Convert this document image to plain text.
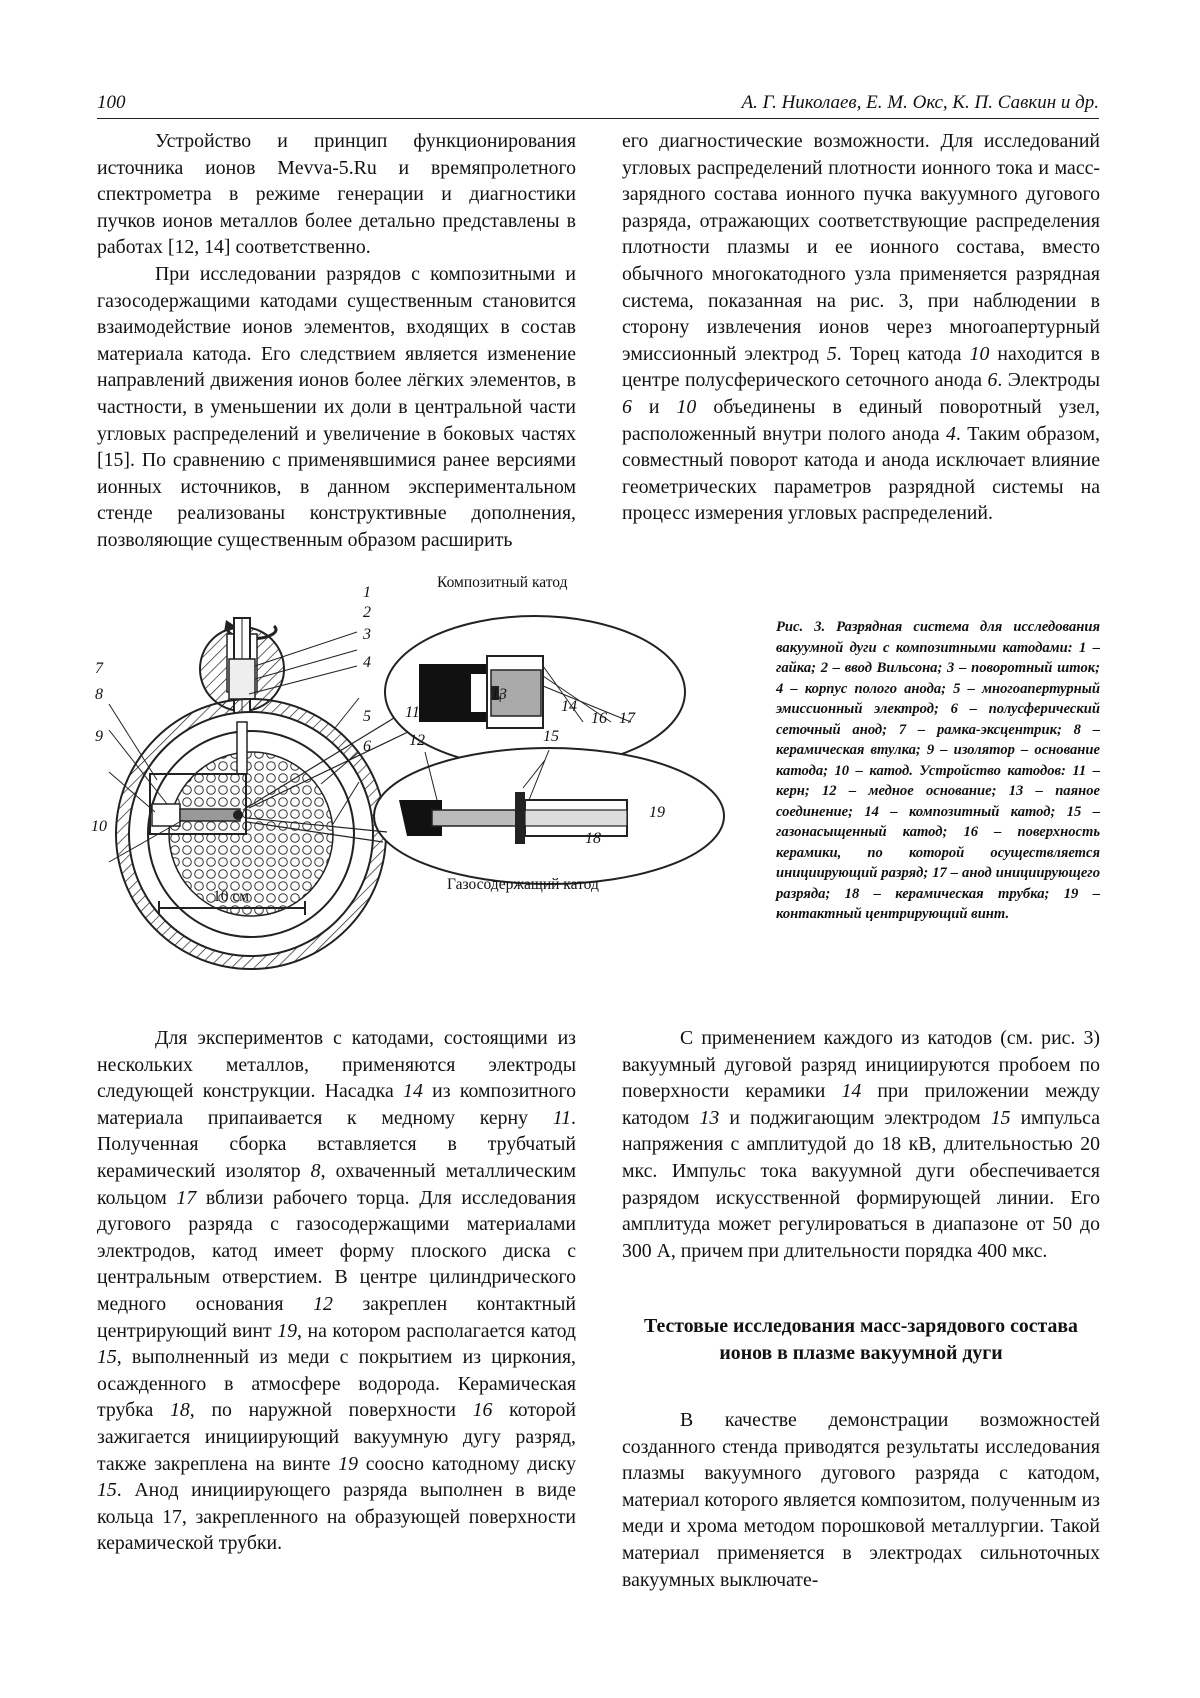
100	А. Г. Николаев, Е. М. Окс, К. П. Савкин и др.

Устройство и принцип функционирования источника ионов Mevva-5.Ru и времяпролетного спектрометра в режиме генерации и диагностики пучков ионов металлов более детально представлены в работах [12, 14] соответственно.

При исследовании разрядов с композитными и газосодержащими катодами существенным становится взаимодействие ионов элементов, входящих в состав материала катода. Его следствием является изменение направлений движения ионов более лёгких элементов, в частности, в уменьшении их доли в центральной части угловых распределений и увеличение в боковых частях [15]. По сравнению с применявшимися ранее версиями ионных источников, в данном экспериментальном стенде реализованы конструктивные дополнения, позволяющие существенным образом расширить

его диагностические возможности. Для исследований угловых распределений плотности ионного тока и масс-зарядного состава ионного пучка вакуумного дугового разряда, отражающих соответствующие распределения плотности плазмы и ее ионного состава, вместо обычного многокатодного узла применяется разрядная система, показанная на рис. 3, при наблюдении в сторону извлечения ионов через многоапертурный эмиссионный электрод 5. Торец катода 10 находится в центре полусферического сеточного анода 6. Электроды 6 и 10 объединены в единый поворотный узел, расположенный внутри полого анода 4. Таким образом, совместный поворот катода и анода исключает влияние геометрических параметров разрядной системы на процесс измерения угловых распределений.

Композитный катод
Газосодержащий катод
10 см
1
2
3
4
5
6
7
8
9
10
11
12
13
14
15
16 17
18
19
Рис. 3. Разрядная система для исследования вакуумной дуги с композитными катодами: 1 – гайка; 2 – ввод Вильсона; 3 – поворотный шток; 4 – корпус полого анода; 5 – многоапертурный эмиссионный электрод; 6 – полусферический сеточный анод; 7 – рамка-эксцентрик; 8 – керамическая втулка; 9 – изолятор – основание катода; 10 – катод. Устройство катодов: 11 – керн; 12 – медное основание; 13 – паяное соединение; 14 – композитный катод; 15 – газонасыщенный катод; 16 – поверхность керамики, по которой осуществляется инициирующий разряд; 17 – анод инициирующего разряда; 18 – керамическая трубка; 19 – контактный центрирующий винт.

Для экспериментов с катодами, состоящими из нескольких металлов, применяются электроды следующей конструкции. Насадка 14 из композитного материала припаивается к медному керну 11. Полученная сборка вставляется в трубчатый керамический изолятор 8, охваченный металлическим кольцом 17 вблизи рабочего торца. Для исследования дугового разряда с газосодержащими материалами электродов, катод имеет форму плоского диска с центральным отверстием. В центре цилиндрического медного основания 12 закреплен контактный центрирующий винт 19, на котором располагается катод 15, выполненный из меди с покрытием из циркония, осажденного в атмосфере водорода. Керамическая трубка 18, по наружной поверхности 16 которой зажигается инициирующий вакуумную дугу разряд, также закреплена на винте 19 соосно катодному диску 15. Анод инициирующего разряда выполнен в виде кольца 17, закрепленного на образующей поверхности керамической трубки.

С применением каждого из катодов (см. рис. 3) вакуумный дуговой разряд инициируются пробоем по поверхности керамики 14 при приложении между катодом 13 и поджигающим электродом 15 импульса напряжения с амплитудой до 18 кВ, длительностью 20 мкс. Импульс тока вакуумной дуги обеспечивается разрядом искусственной формирующей линии. Его амплитуда может регулироваться в диапазоне от 50 до 300 А, причем при длительности порядка 400 мкс.

Тестовые исследования масс-зарядового состава ионов в плазме вакуумной дуги

В качестве демонстрации возможностей созданного стенда приводятся результаты исследования плазмы вакуумного дугового разряда с катодом, материал которого является композитом, полученным из меди и хрома методом порошковой металлургии. Такой материал применяется в электродах сильноточных вакуумных выключате-
